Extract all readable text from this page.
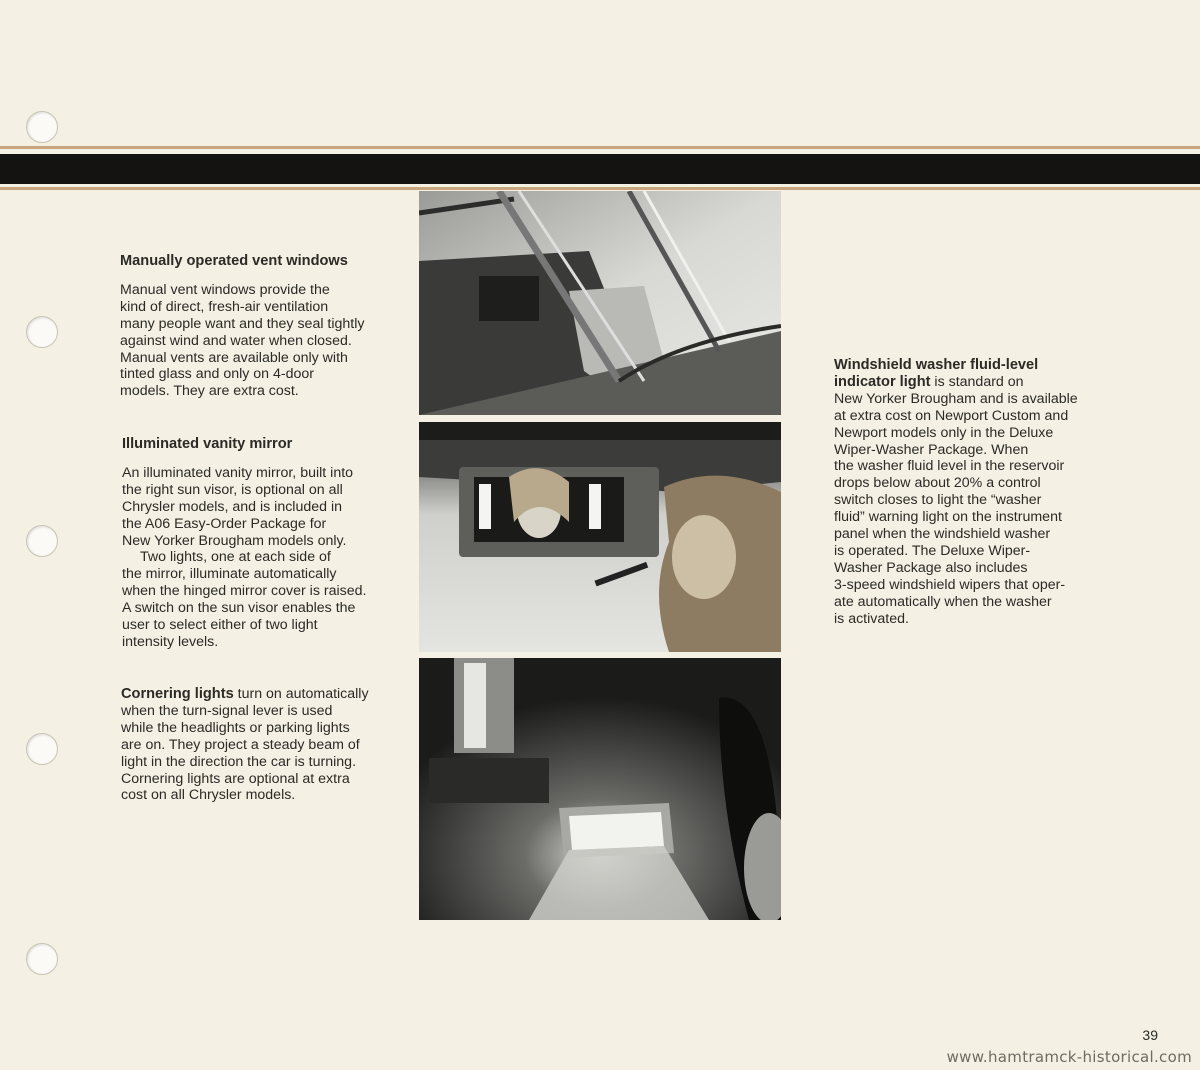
Manually operated vent windows

Manual vent windows provide the

kind of direct, fresh-air ventilation

many people want and they seal tightly

against wind and water when closed.

Manual vents are available only with

tinted glass and only on 4-door

models. They are extra cost.

Illuminated vanity mirror

An illuminated vanity mirror, built into

the right sun visor, is optional on all

Chrysler models, and is included in

the A06 Easy-Order Package for

New Yorker Brougham models only.

Two lights, one at each side of

the mirror, illuminate automatically

when the hinged mirror cover is raised.

A switch on the sun visor enables the

user to select either of two light

intensity levels.

Cornering lights turn on automatically

when the turn-signal lever is used

while the headlights or parking lights

are on. They project a steady beam of

light in the direction the car is turning.

Cornering lights are optional at extra

cost on all Chrysler models.

Windshield washer fluid-level

indicator light is standard on

New Yorker Brougham and is available

at extra cost on Newport Custom and

Newport models only in the Deluxe

Wiper-Washer Package. When

the washer fluid level in the reservoir

drops below about 20% a control

switch closes to light the “washer

fluid” warning light on the instrument

panel when the windshield washer

is operated. The Deluxe Wiper-

Washer Package also includes

3-speed windshield wipers that oper-

ate automatically when the washer

is activated.

39
www.hamtramck-historical.com
